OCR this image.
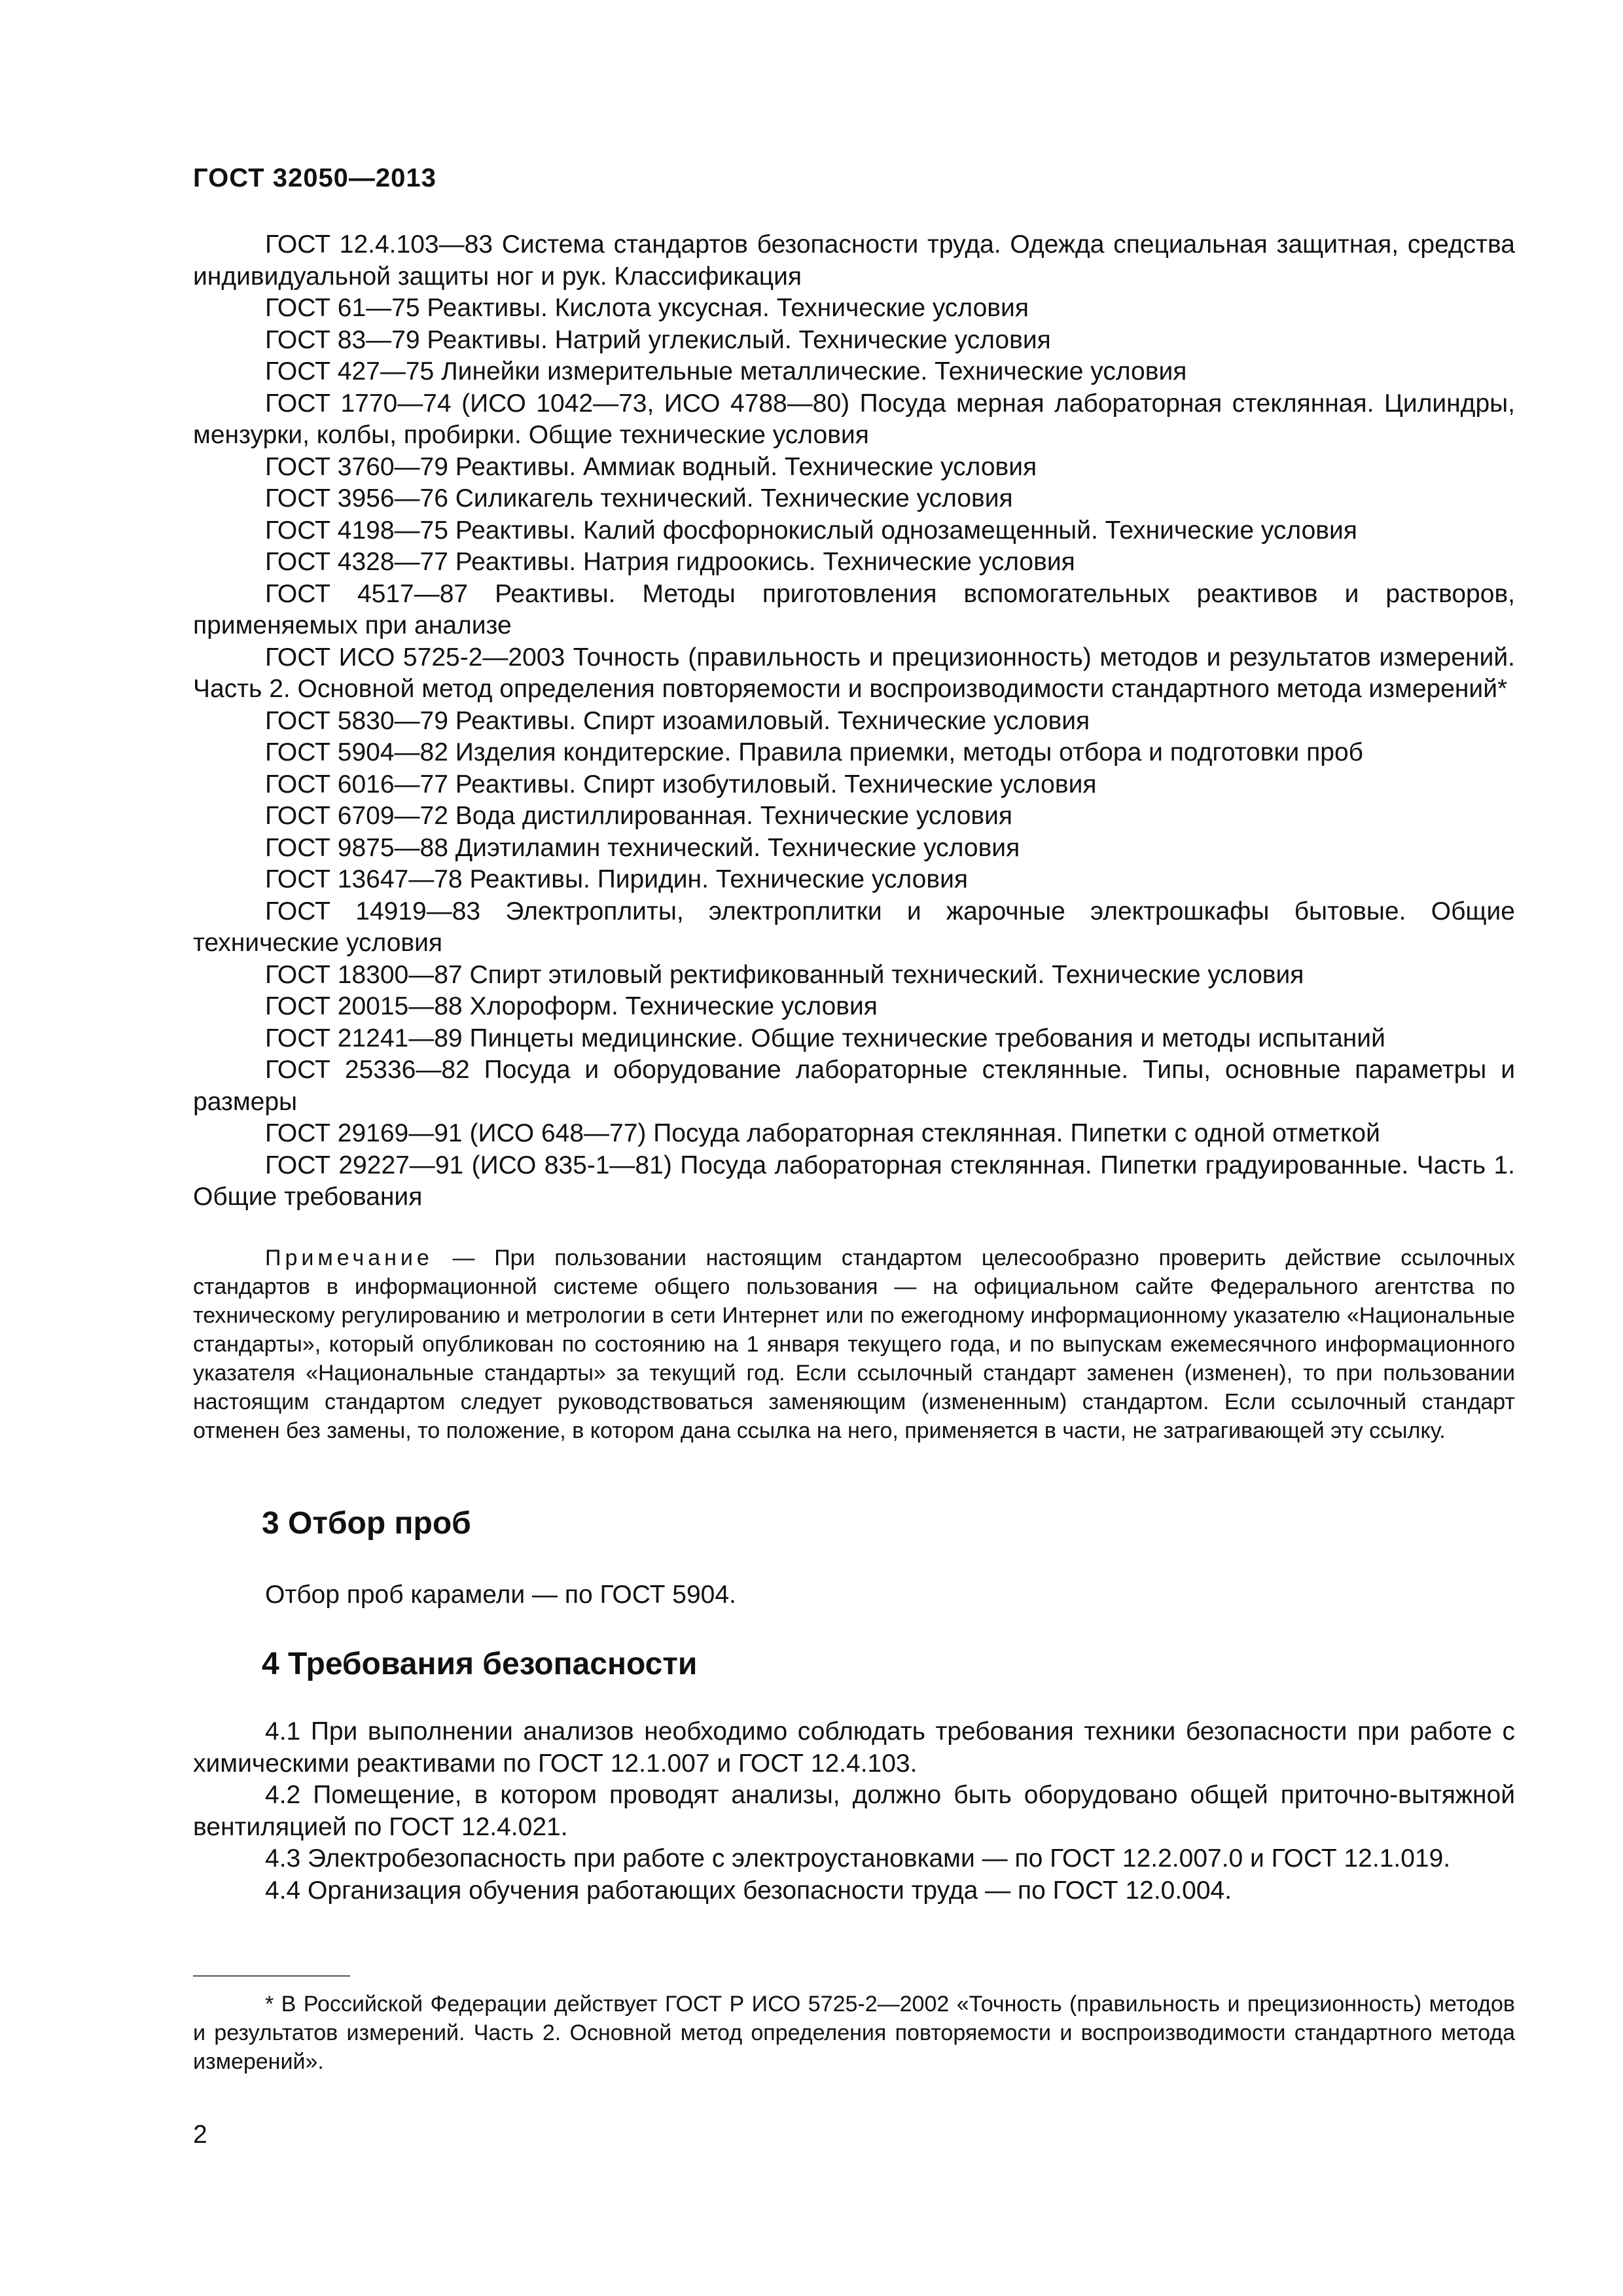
ГОСТ 32050—2013

ГОСТ 12.4.103—83 Система стандартов безопасности труда. Одежда специальная защитная, средства индивидуальной защиты ног и рук. Классификация

ГОСТ 61—75 Реактивы. Кислота уксусная. Технические условия

ГОСТ 83—79 Реактивы. Натрий углекислый. Технические условия

ГОСТ 427—75 Линейки измерительные металлические. Технические условия

ГОСТ 1770—74 (ИСО 1042—73, ИСО 4788—80) Посуда мерная лабораторная стеклянная. Цилиндры, мензурки, колбы, пробирки. Общие технические условия

ГОСТ 3760—79 Реактивы. Аммиак водный. Технические условия

ГОСТ 3956—76 Силикагель технический. Технические условия

ГОСТ 4198—75 Реактивы. Калий фосфорнокислый однозамещенный. Технические условия

ГОСТ 4328—77 Реактивы. Натрия гидроокись. Технические условия

ГОСТ 4517—87 Реактивы. Методы приготовления вспомогательных реактивов и растворов, применяемых при анализе

ГОСТ ИСО 5725-2—2003 Точность (правильность и прецизионность) методов и результатов измерений. Часть 2. Основной метод определения повторяемости и воспроизводимости стандартного метода измерений*

ГОСТ 5830—79 Реактивы. Спирт изоамиловый. Технические условия

ГОСТ 5904—82 Изделия кондитерские. Правила приемки, методы отбора и подготовки проб

ГОСТ 6016—77 Реактивы. Спирт изобутиловый. Технические условия

ГОСТ 6709—72 Вода дистиллированная. Технические условия

ГОСТ 9875—88 Диэтиламин технический. Технические условия

ГОСТ 13647—78 Реактивы. Пиридин. Технические условия

ГОСТ 14919—83 Электроплиты, электроплитки и жарочные электрошкафы бытовые. Общие технические условия

ГОСТ 18300—87 Спирт этиловый ректификованный технический. Технические условия

ГОСТ 20015—88 Хлороформ. Технические условия

ГОСТ 21241—89 Пинцеты медицинские. Общие технические требования и методы испытаний

ГОСТ 25336—82 Посуда и оборудование лабораторные стеклянные. Типы, основные параметры и размеры

ГОСТ 29169—91 (ИСО 648—77) Посуда лабораторная стеклянная. Пипетки с одной отметкой

ГОСТ 29227—91 (ИСО 835-1—81) Посуда лабораторная стеклянная. Пипетки градуированные. Часть 1. Общие требования

Примечание — При пользовании настоящим стандартом целесообразно проверить действие ссылочных стандартов в информационной системе общего пользования — на официальном сайте Федерального агентства по техническому регулированию и метрологии в сети Интернет или по ежегодному информационному указателю «Национальные стандарты», который опубликован по состоянию на 1 января текущего года, и по выпускам ежемесячного информационного указателя «Национальные стандарты» за текущий год. Если ссылочный стандарт заменен (изменен), то при пользовании настоящим стандартом следует руководствоваться заменяющим (измененным) стандартом. Если ссылочный стандарт отменен без замены, то положение, в котором дана ссылка на него, применяется в части, не затрагивающей эту ссылку.

3 Отбор проб

Отбор проб карамели — по ГОСТ 5904.

4 Требования безопасности

4.1 При выполнении анализов необходимо соблюдать требования техники безопасности при работе с химическими реактивами по ГОСТ 12.1.007 и ГОСТ 12.4.103.

4.2 Помещение, в котором проводят анализы, должно быть оборудовано общей приточно-вытяжной вентиляцией по ГОСТ 12.4.021.

4.3 Электробезопасность при работе с электроустановками — по ГОСТ 12.2.007.0 и ГОСТ 12.1.019.

4.4 Организация обучения работающих безопасности труда — по ГОСТ 12.0.004.

* В Российской Федерации действует ГОСТ Р ИСО 5725-2—2002 «Точность (правильность и прецизионность) методов и результатов измерений. Часть 2. Основной метод определения повторяемости и воспроизводимости стандартного метода измерений».

2
